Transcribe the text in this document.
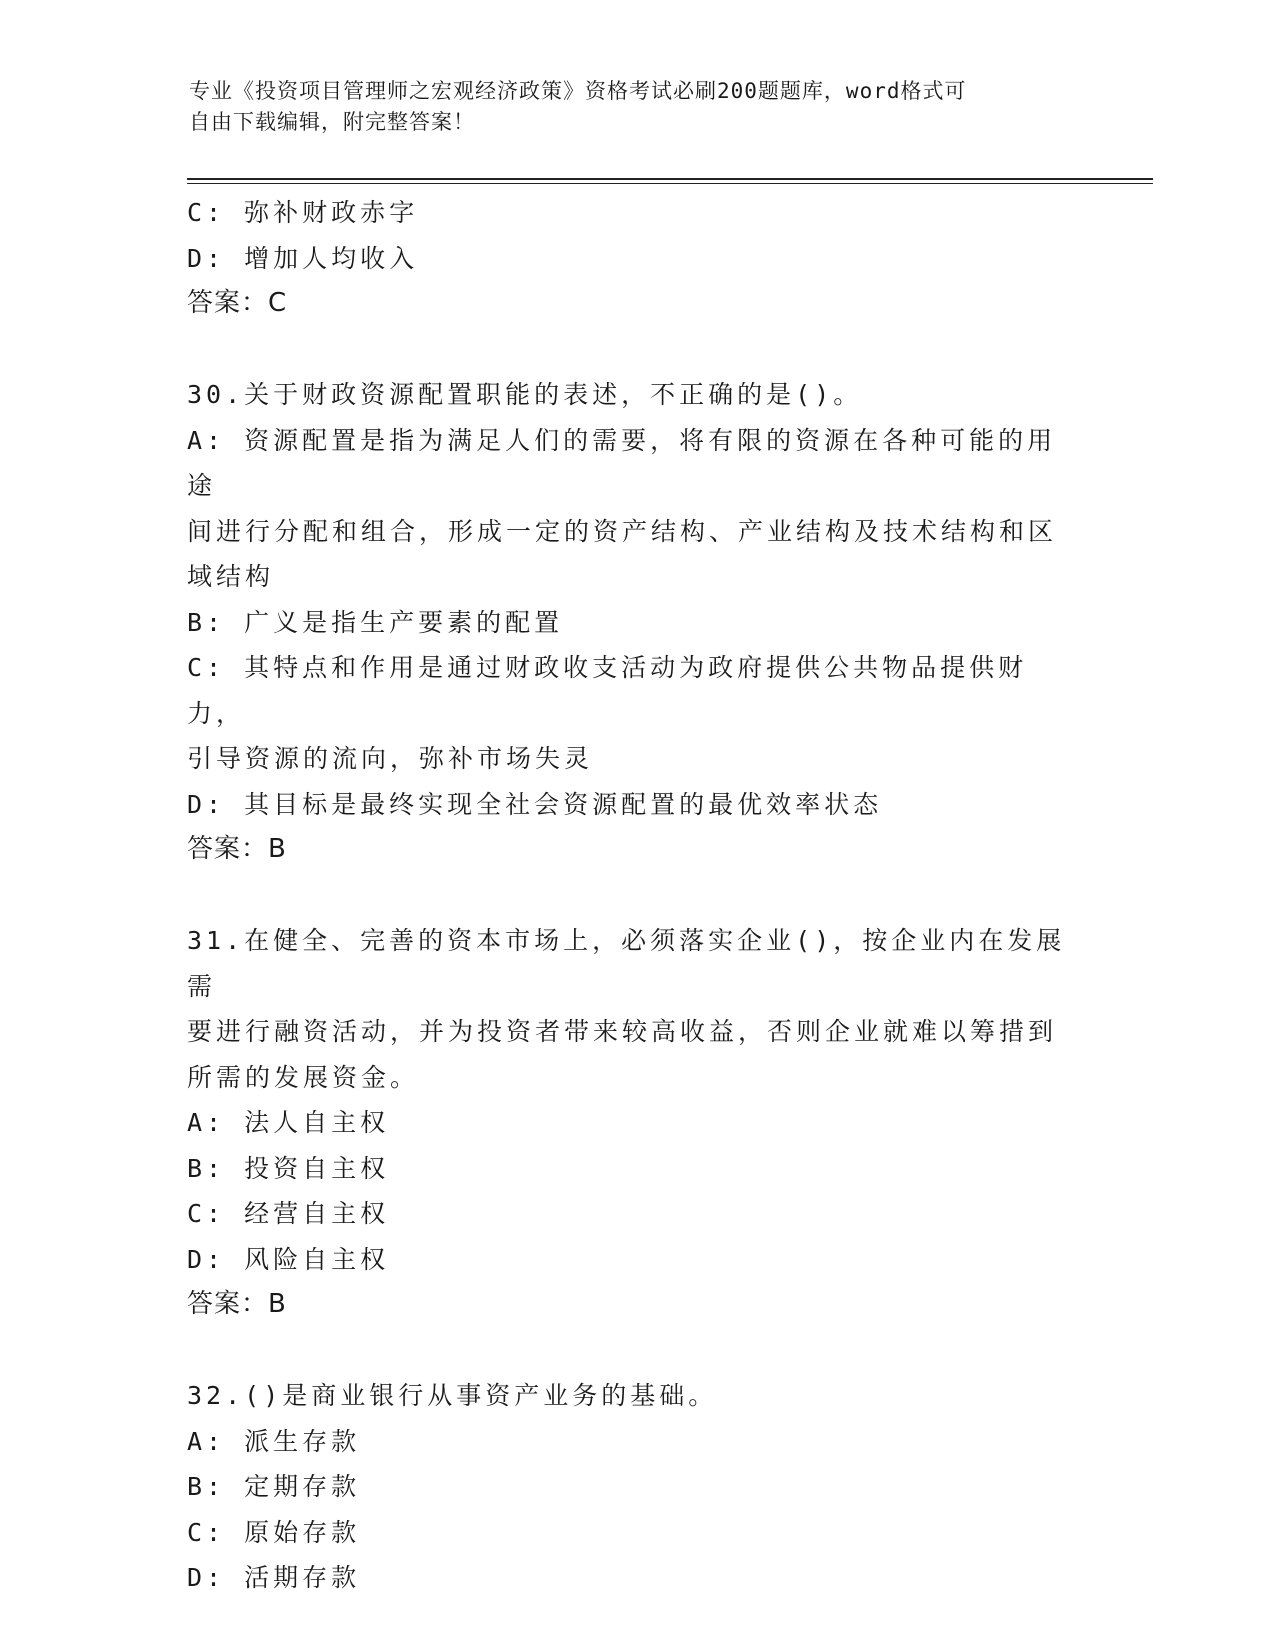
专业《投资项目管理师之宏观经济政策》资格考试必刷200题题库，word格式可
自由下载编辑，附完整答案！
C: 弥补财政赤字
D: 增加人均收入
答案：C
30.关于财政资源配置职能的表述，不正确的是()。
A: 资源配置是指为满足人们的需要，将有限的资源在各种可能的用途
间进行分配和组合，形成一定的资产结构、产业结构及技术结构和区
域结构
B: 广义是指生产要素的配置
C: 其特点和作用是通过财政收支活动为政府提供公共物品提供财力，
引导资源的流向，弥补市场失灵
D: 其目标是最终实现全社会资源配置的最优效率状态
答案：B
31.在健全、完善的资本市场上，必须落实企业()，按企业内在发展需
要进行融资活动，并为投资者带来较高收益，否则企业就难以筹措到
所需的发展资金。
A: 法人自主权
B: 投资自主权
C: 经营自主权
D: 风险自主权
答案：B
32.()是商业银行从事资产业务的基础。
A: 派生存款
B: 定期存款
C: 原始存款
D: 活期存款
